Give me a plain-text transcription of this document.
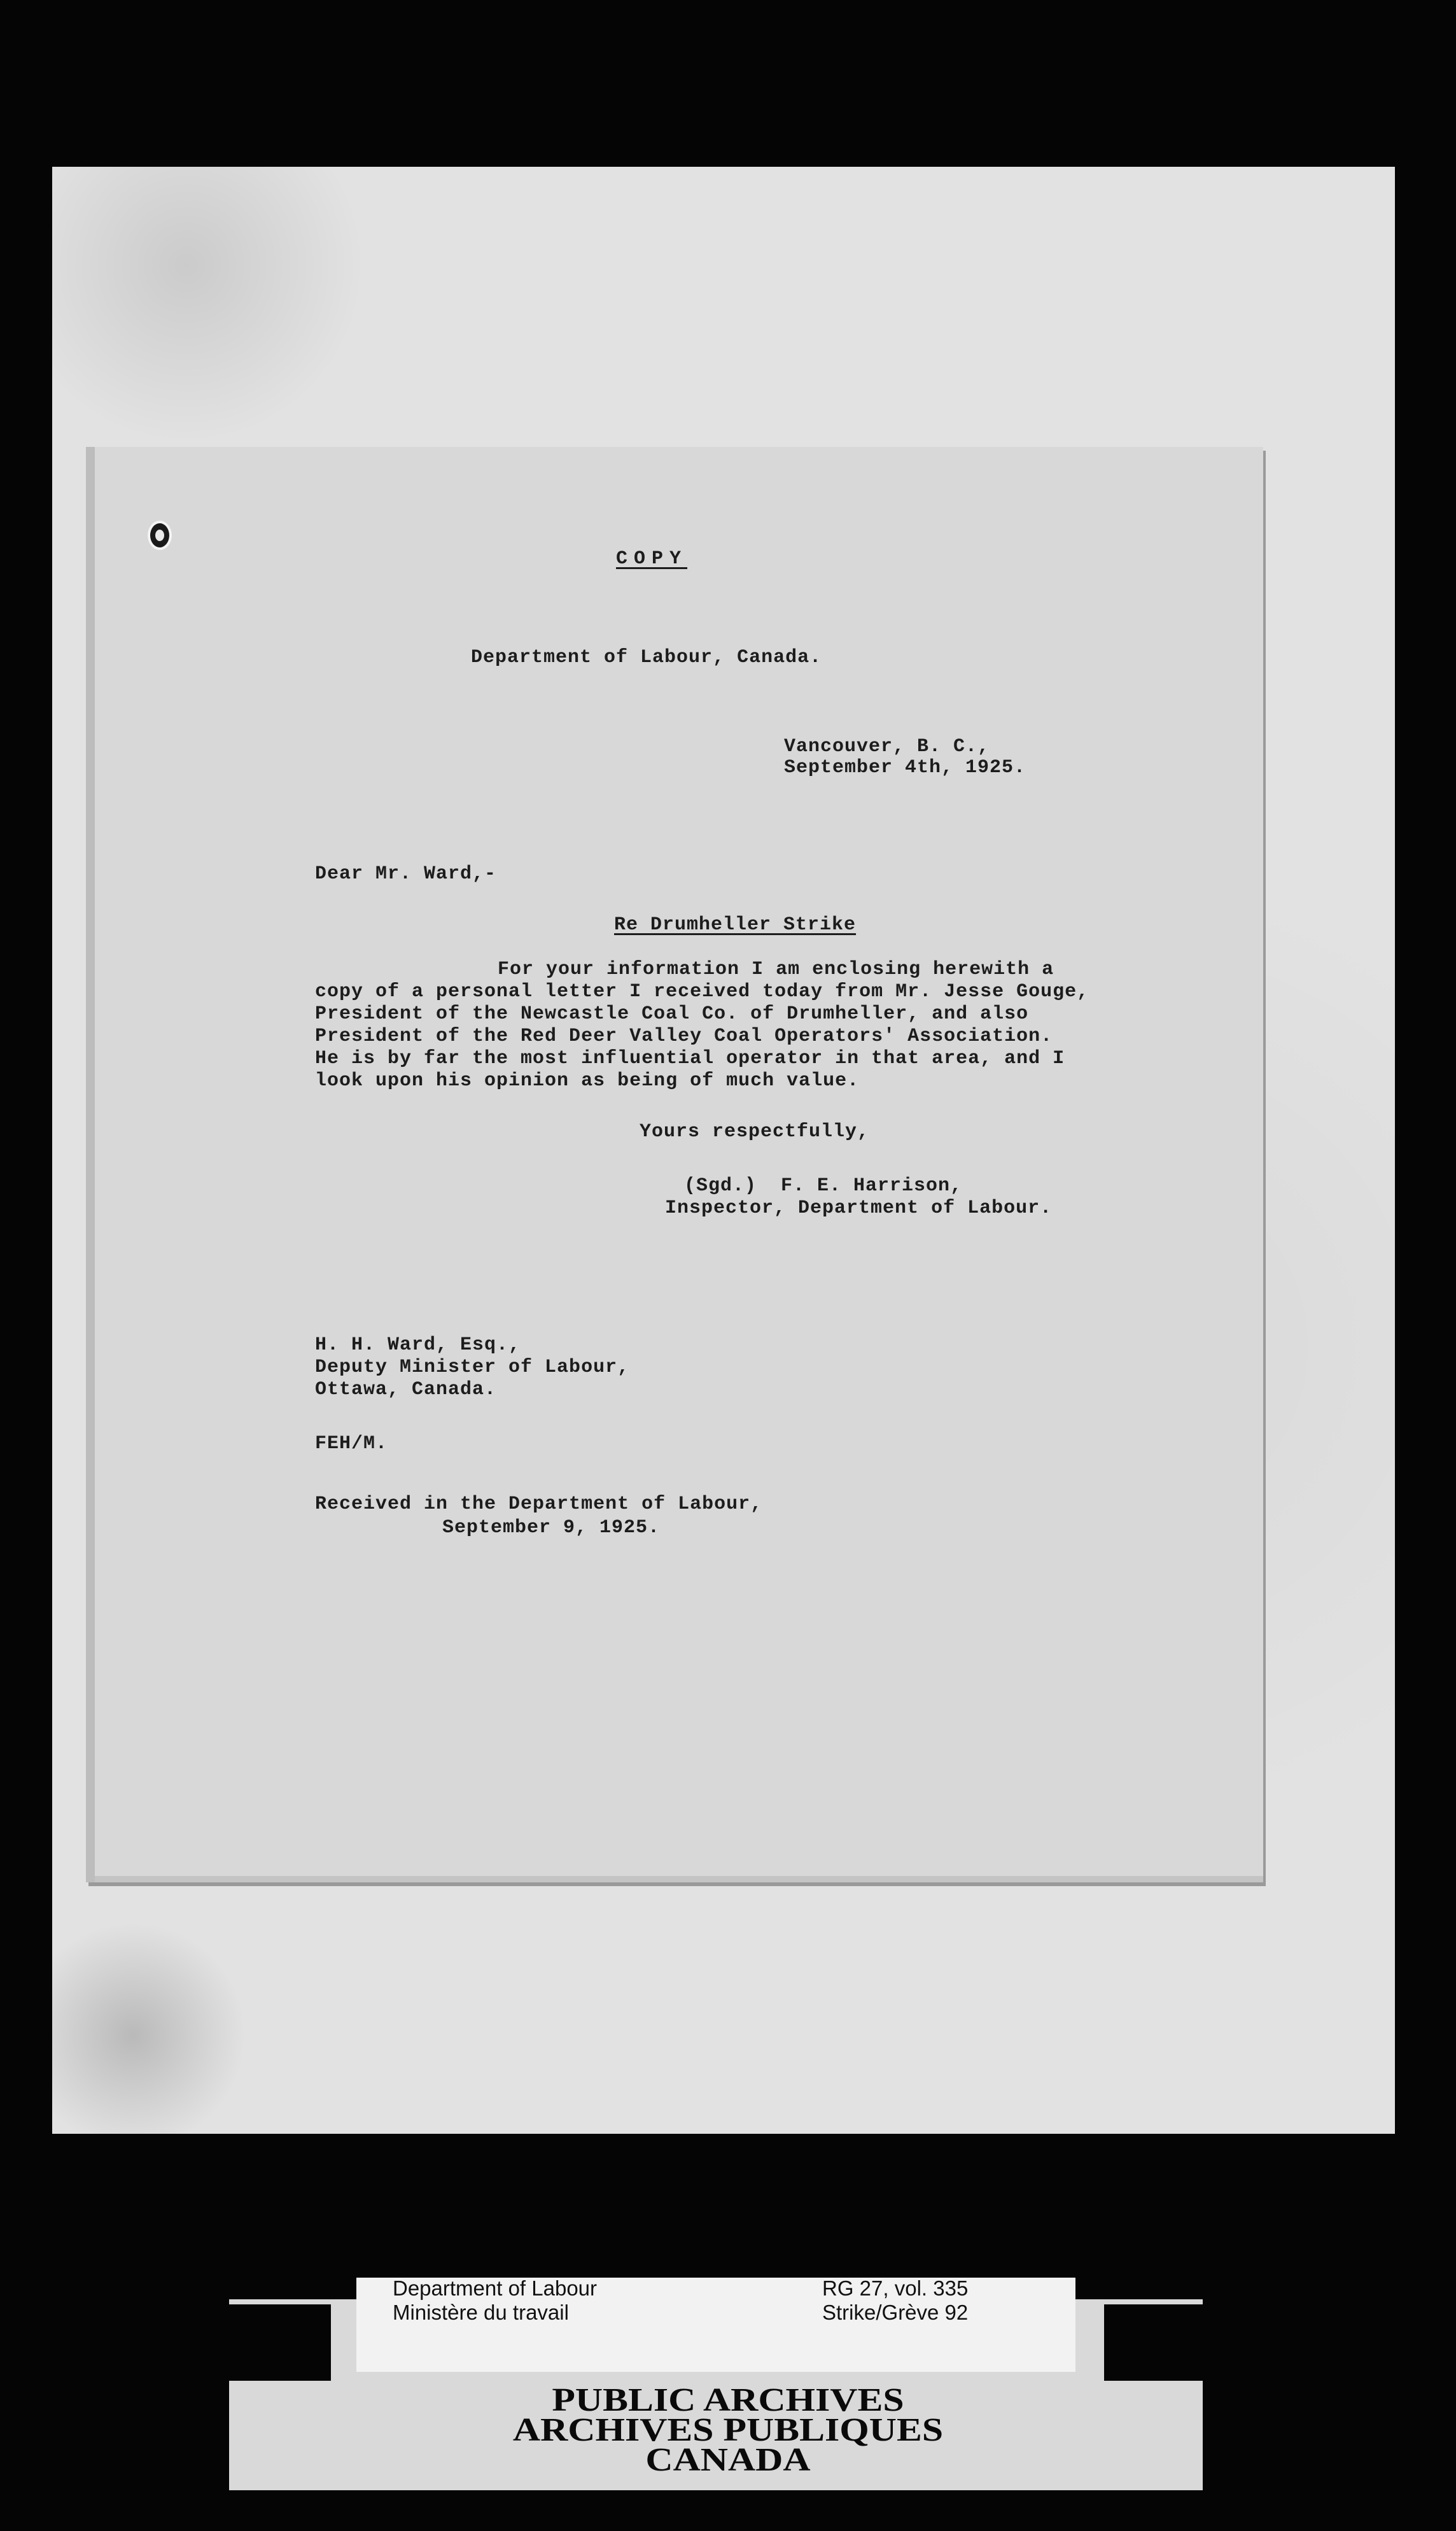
COPY
Department of Labour, Canada.
Vancouver, B. C.,
September 4th, 1925.
Dear Mr. Ward,-
Re Drumheller Strike
For your information I am enclosing herewith a
copy of a personal letter I received today from Mr. Jesse Gouge,
President of the Newcastle Coal Co. of Drumheller, and also
President of the Red Deer Valley Coal Operators' Association.
He is by far the most influential operator in that area, and I
look upon his opinion as being of much value.
Yours respectfully,
(Sgd.)  F. E. Harrison,
Inspector, Department of Labour.
H. H. Ward, Esq.,
Deputy Minister of Labour,
Ottawa, Canada.
FEH/M.
Received in the Department of Labour,
September 9, 1925.
Department of Labour
Ministère du travail
RG 27, vol. 335
Strike/Grève 92
PUBLIC ARCHIVES
ARCHIVES PUBLIQUES
CANADA
